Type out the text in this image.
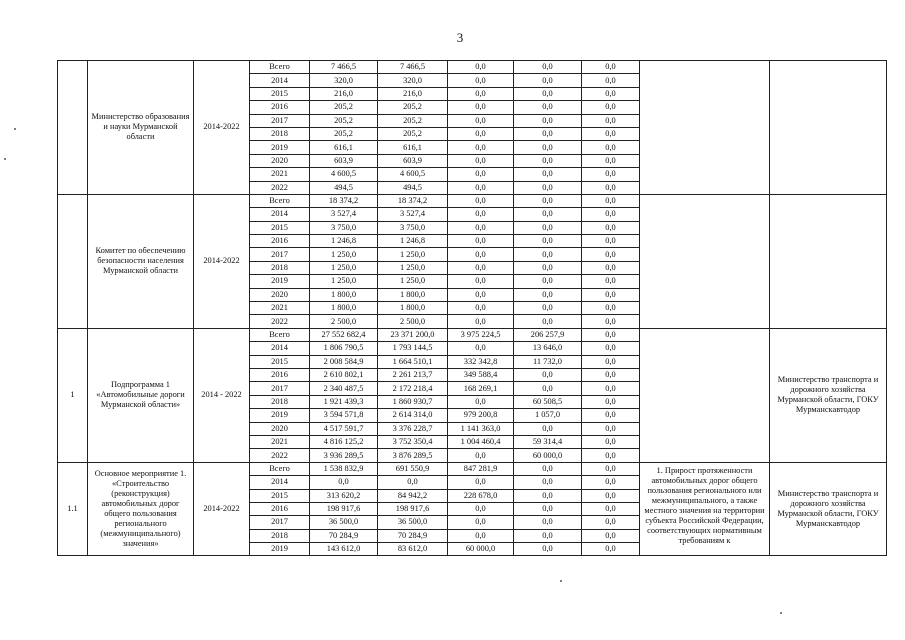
3
	Министерство образования и науки Мурманской области	2014-2022	Всего	7 466,5	7 466,5	0,0	0,0	0,0		
			2014	320,0	320,0	0,0	0,0	0,0		
			2015	216,0	216,0	0,0	0,0	0,0		
			2016	205,2	205,2	0,0	0,0	0,0		
			2017	205,2	205,2	0,0	0,0	0,0		
			2018	205,2	205,2	0,0	0,0	0,0		
			2019	616,1	616,1	0,0	0,0	0,0		
			2020	603,9	603,9	0,0	0,0	0,0		
			2021	4 600,5	4 600,5	0,0	0,0	0,0		
			2022	494,5	494,5	0,0	0,0	0,0		
	Комитет по обеспечению безопасности населения Мурманской области	2014-2022	Всего	18 374,2	18 374,2	0,0	0,0	0,0		
			2014	3 527,4	3 527,4	0,0	0,0	0,0		
			2015	3 750,0	3 750,0	0,0	0,0	0,0		
			2016	1 246,8	1 246,8	0,0	0,0	0,0		
			2017	1 250,0	1 250,0	0,0	0,0	0,0		
			2018	1 250,0	1 250,0	0,0	0,0	0,0		
			2019	1 250,0	1 250,0	0,0	0,0	0,0		
			2020	1 800,0	1 800,0	0,0	0,0	0,0		
			2021	1 800,0	1 800,0	0,0	0,0	0,0		
			2022	2 500,0	2 500,0	0,0	0,0	0,0		
1	Подпрограмма 1 «Автомобильные дороги Мурманской области»	2014 - 2022	Всего	27 552 682,4	23 371 200,0	3 975 224,5	206 257,9	0,0		Министерство транспорта и дорожного хозяйства Мурманской области, ГОКУ Мурманскавтодор
			2014	1 806 790,5	1 793 144,5	0,0	13 646,0	0,0		
			2015	2 008 584,9	1 664 510,1	332 342,8	11 732,0	0,0		
			2016	2 610 802,1	2 261 213,7	349 588,4	0,0	0,0		
			2017	2 340 487,5	2 172 218,4	168 269,1	0,0	0,0		
			2018	1 921 439,3	1 860 930,7	0,0	60 508,5	0,0		
			2019	3 594 571,8	2 614 314,0	979 200,8	1 057,0	0,0		
			2020	4 517 591,7	3 376 228,7	1 141 363,0	0,0	0,0		
			2021	4 816 125,2	3 752 350,4	1 004 460,4	59 314,4	0,0		
			2022	3 936 289,5	3 876 289,5	0,0	60 000,0	0,0		
1.1	Основное мероприятие 1. «Строительство (реконструкция) автомобильных дорог общего пользования регионального (межмуниципального) значения»	2014-2022	Всего	1 538 832,9	691 550,9	847 281,9	0,0	0,0	1. Прирост протяженности автомобильных дорог общего пользования регионального или межмуниципального, а также местного значения на территории субъекта Российской Федерации, соответствующих нормативным требованиям к	Министерство транспорта и дорожного хозяйства Мурманской области, ГОКУ Мурманскавтодор
			2014	0,0	0,0	0,0	0,0	0,0		
			2015	313 620,2	84 942,2	228 678,0	0,0	0,0		
			2016	198 917,6	198 917,6	0,0	0,0	0,0		
			2017	36 500,0	36 500,0	0,0	0,0	0,0		
			2018	70 284,9	70 284,9	0,0	0,0	0,0		
			2019	143 612,0	83 612,0	60 000,0	0,0	0,0		
